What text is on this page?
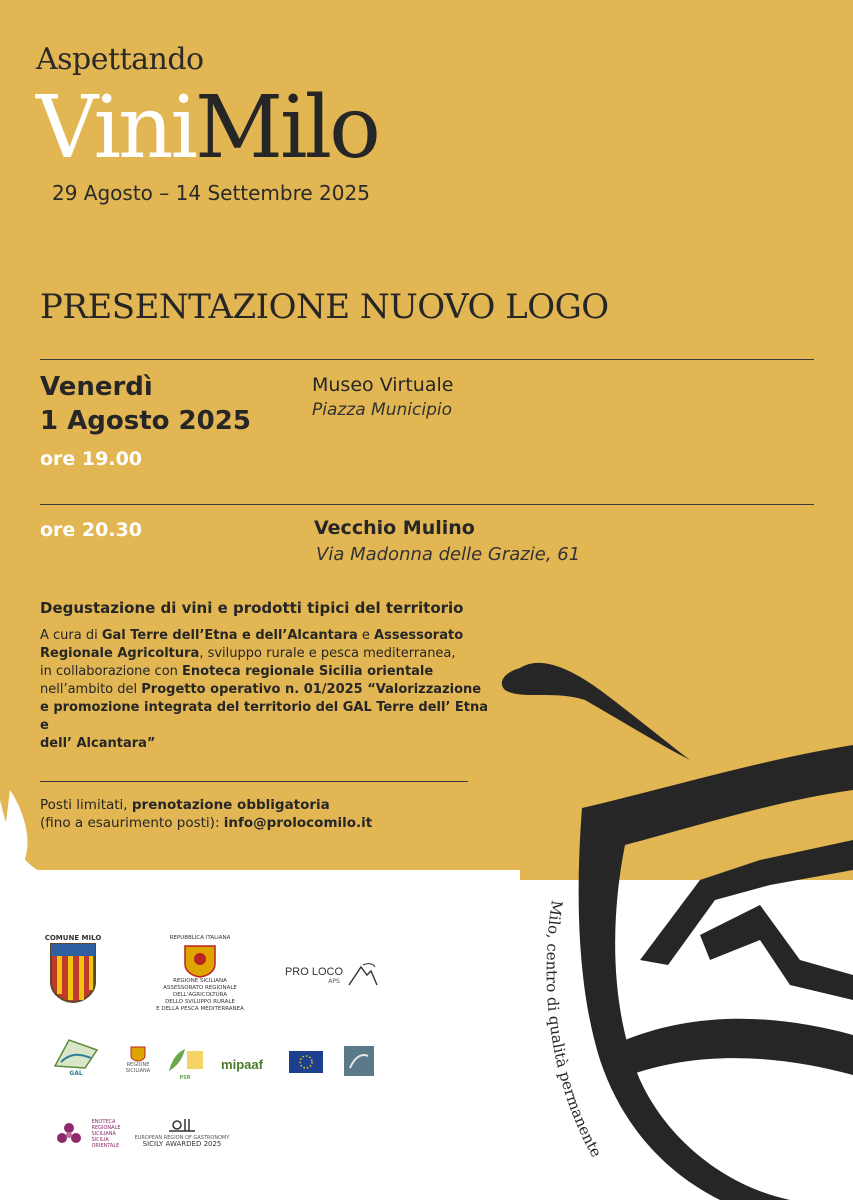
Milo, centro di qualità permanente
Aspettando
ViniMilo
29 Agosto – 14 Settembre 2025
PRESENTAZIONE NUOVO LOGO
Venerdì
1 Agosto 2025
ore 19.00
Museo Virtuale
Piazza Municipio
ore 20.30	Vecchio Mulino
Via Madonna delle Grazie, 61
Degustazione di vini e prodotti tipici del territorio
A cura di Gal Terre dell’Etna e dell’Alcantara e Assessorato
Regionale Agricoltura, sviluppo rurale e pesca mediterranea,
in collaborazione con Enoteca regionale Sicilia orientale
nell’ambito del Progetto operativo n. 01/2025 “Valorizzazione
e promozione integrata del territorio del GAL Terre dell’ Etna e
dell’ Alcantara”
Posti limitati, prenotazione obbligatoria
(fino a esaurimento posti): info@prolocomilo.it
COMUNE MILO	REPUBBLICA ITALIANA
REGIONE SICILIANA
ASSESSORATO REGIONALE
DELL'AGRICOLTURA
DELLO SVILUPPO RURALE
E DELLA PESCA MEDITERRANEA
PRO LOCO
APS
GAL
REGIONE SICILIANA
PSR
mipaaf
ENOTECA
REGIONALE
SICILIANA
SICILIA
ORIENTALE
EUROPEAN REGION OF GASTRONOMY
SICILY AWARDED 2025
